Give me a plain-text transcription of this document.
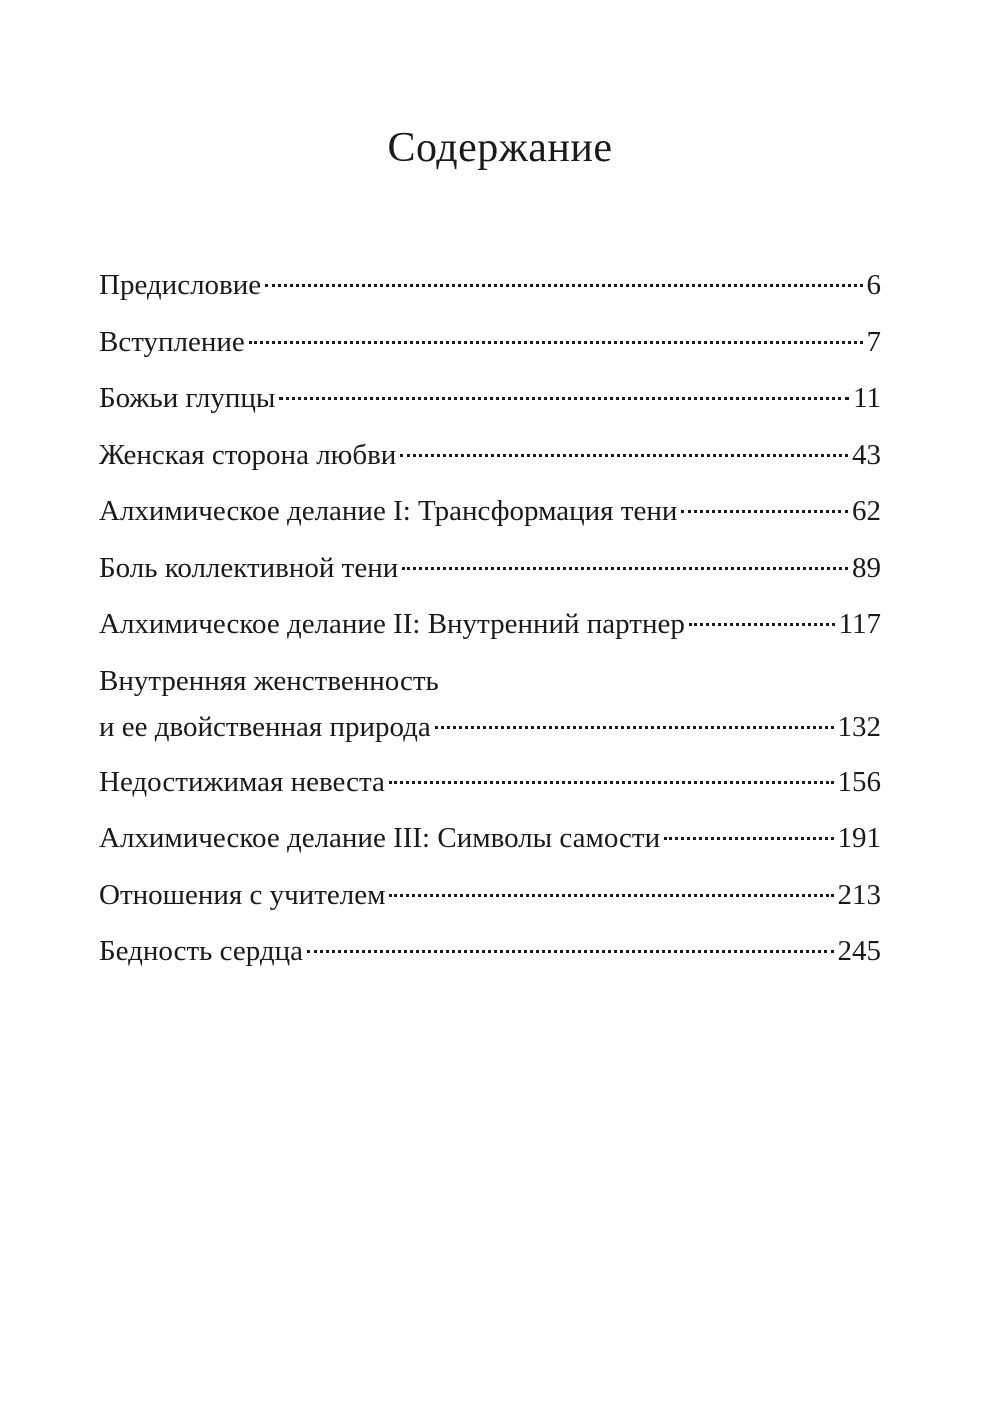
Содержание
Предисловие	6
Вступление	7
Божьи глупцы	11
Женская сторона любви	43
Алхимическое делание I: Трансформация тени	62
Боль коллективной тени	89
Алхимическое делание II: Внутренний партнер	117
Внутренняя женственность
и ее двойственная природа	132
Недостижимая невеста	156
Алхимическое делание III: Символы самости	191
Отношения с учителем	213
Бедность сердца	245
